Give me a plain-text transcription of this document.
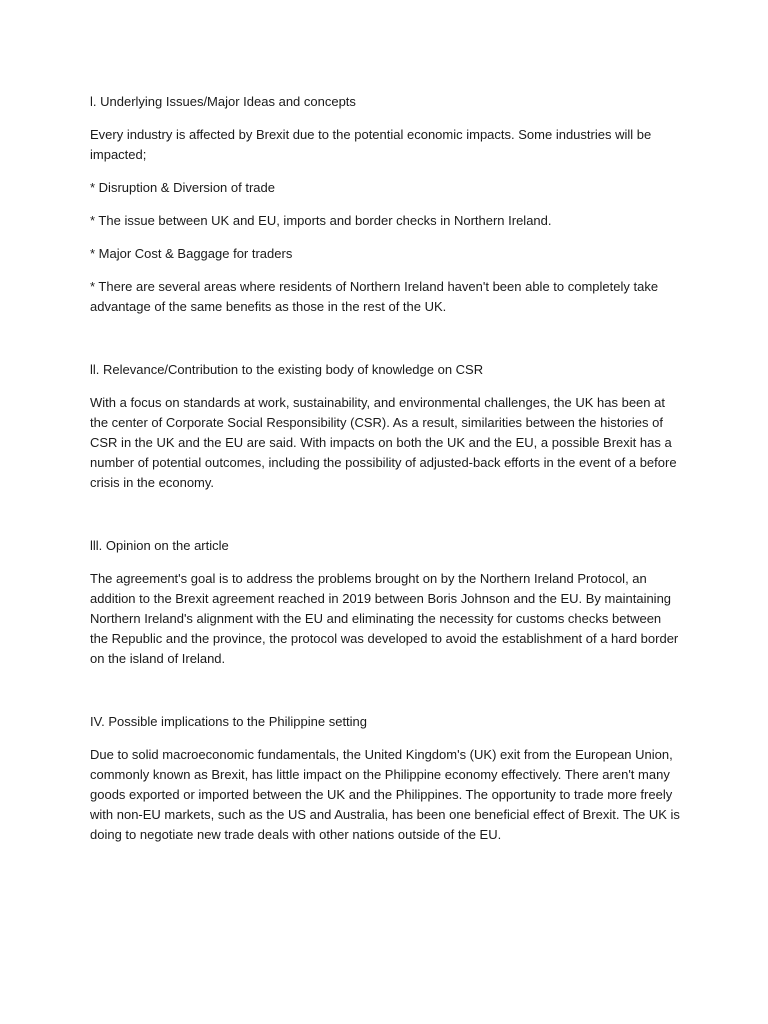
l. Underlying Issues/Major Ideas and concepts

Every industry is affected by Brexit due to the potential economic impacts. Some industries will be impacted;

* Disruption & Diversion of trade

* The issue between UK and EU, imports and border checks in Northern Ireland.

* Major Cost & Baggage for traders

* There are several areas where residents of Northern Ireland haven't been able to completely take advantage of the same benefits as those in the rest of the UK.

ll. Relevance/Contribution to the existing body of knowledge on CSR

With a focus on standards at work, sustainability, and environmental challenges, the UK has been at the center of Corporate Social Responsibility (CSR). As a result, similarities between the histories of CSR in the UK and the EU are said. With impacts on both the UK and the EU, a possible Brexit has a number of potential outcomes, including the possibility of adjusted-back efforts in the event of a before crisis in the economy.

lll. Opinion on the article

The agreement's goal is to address the problems brought on by the Northern Ireland Protocol, an addition to the Brexit agreement reached in 2019 between Boris Johnson and the EU. By maintaining Northern Ireland's alignment with the EU and eliminating the necessity for customs checks between the Republic and the province, the protocol was developed to avoid the establishment of a hard border on the island of Ireland.

IV. Possible implications to the Philippine setting

Due to solid macroeconomic fundamentals, the United Kingdom's (UK) exit from the European Union, commonly known as Brexit, has little impact on the Philippine economy effectively. There aren't many goods exported or imported between the UK and the Philippines. The opportunity to trade more freely with non-EU markets, such as the US and Australia, has been one beneficial effect of Brexit. The UK is doing to negotiate new trade deals with other nations outside of the EU.
